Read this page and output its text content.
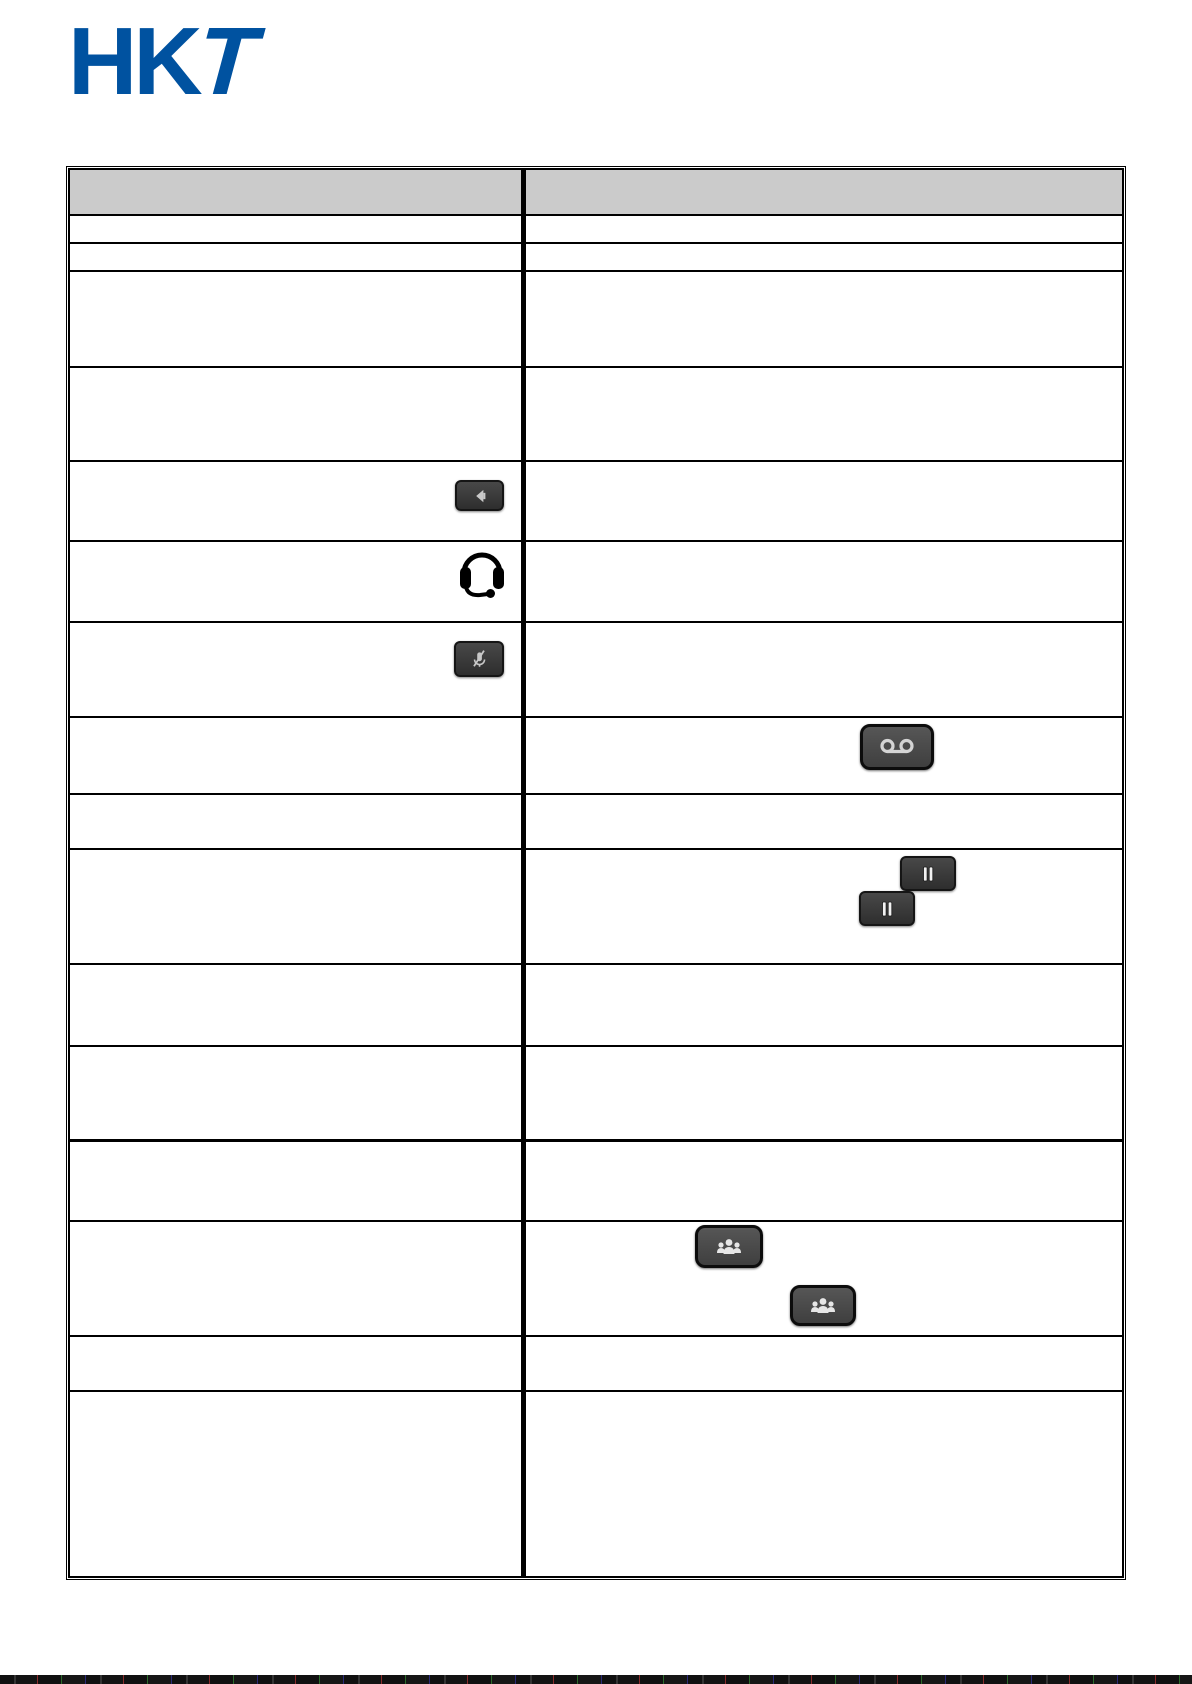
HKT
